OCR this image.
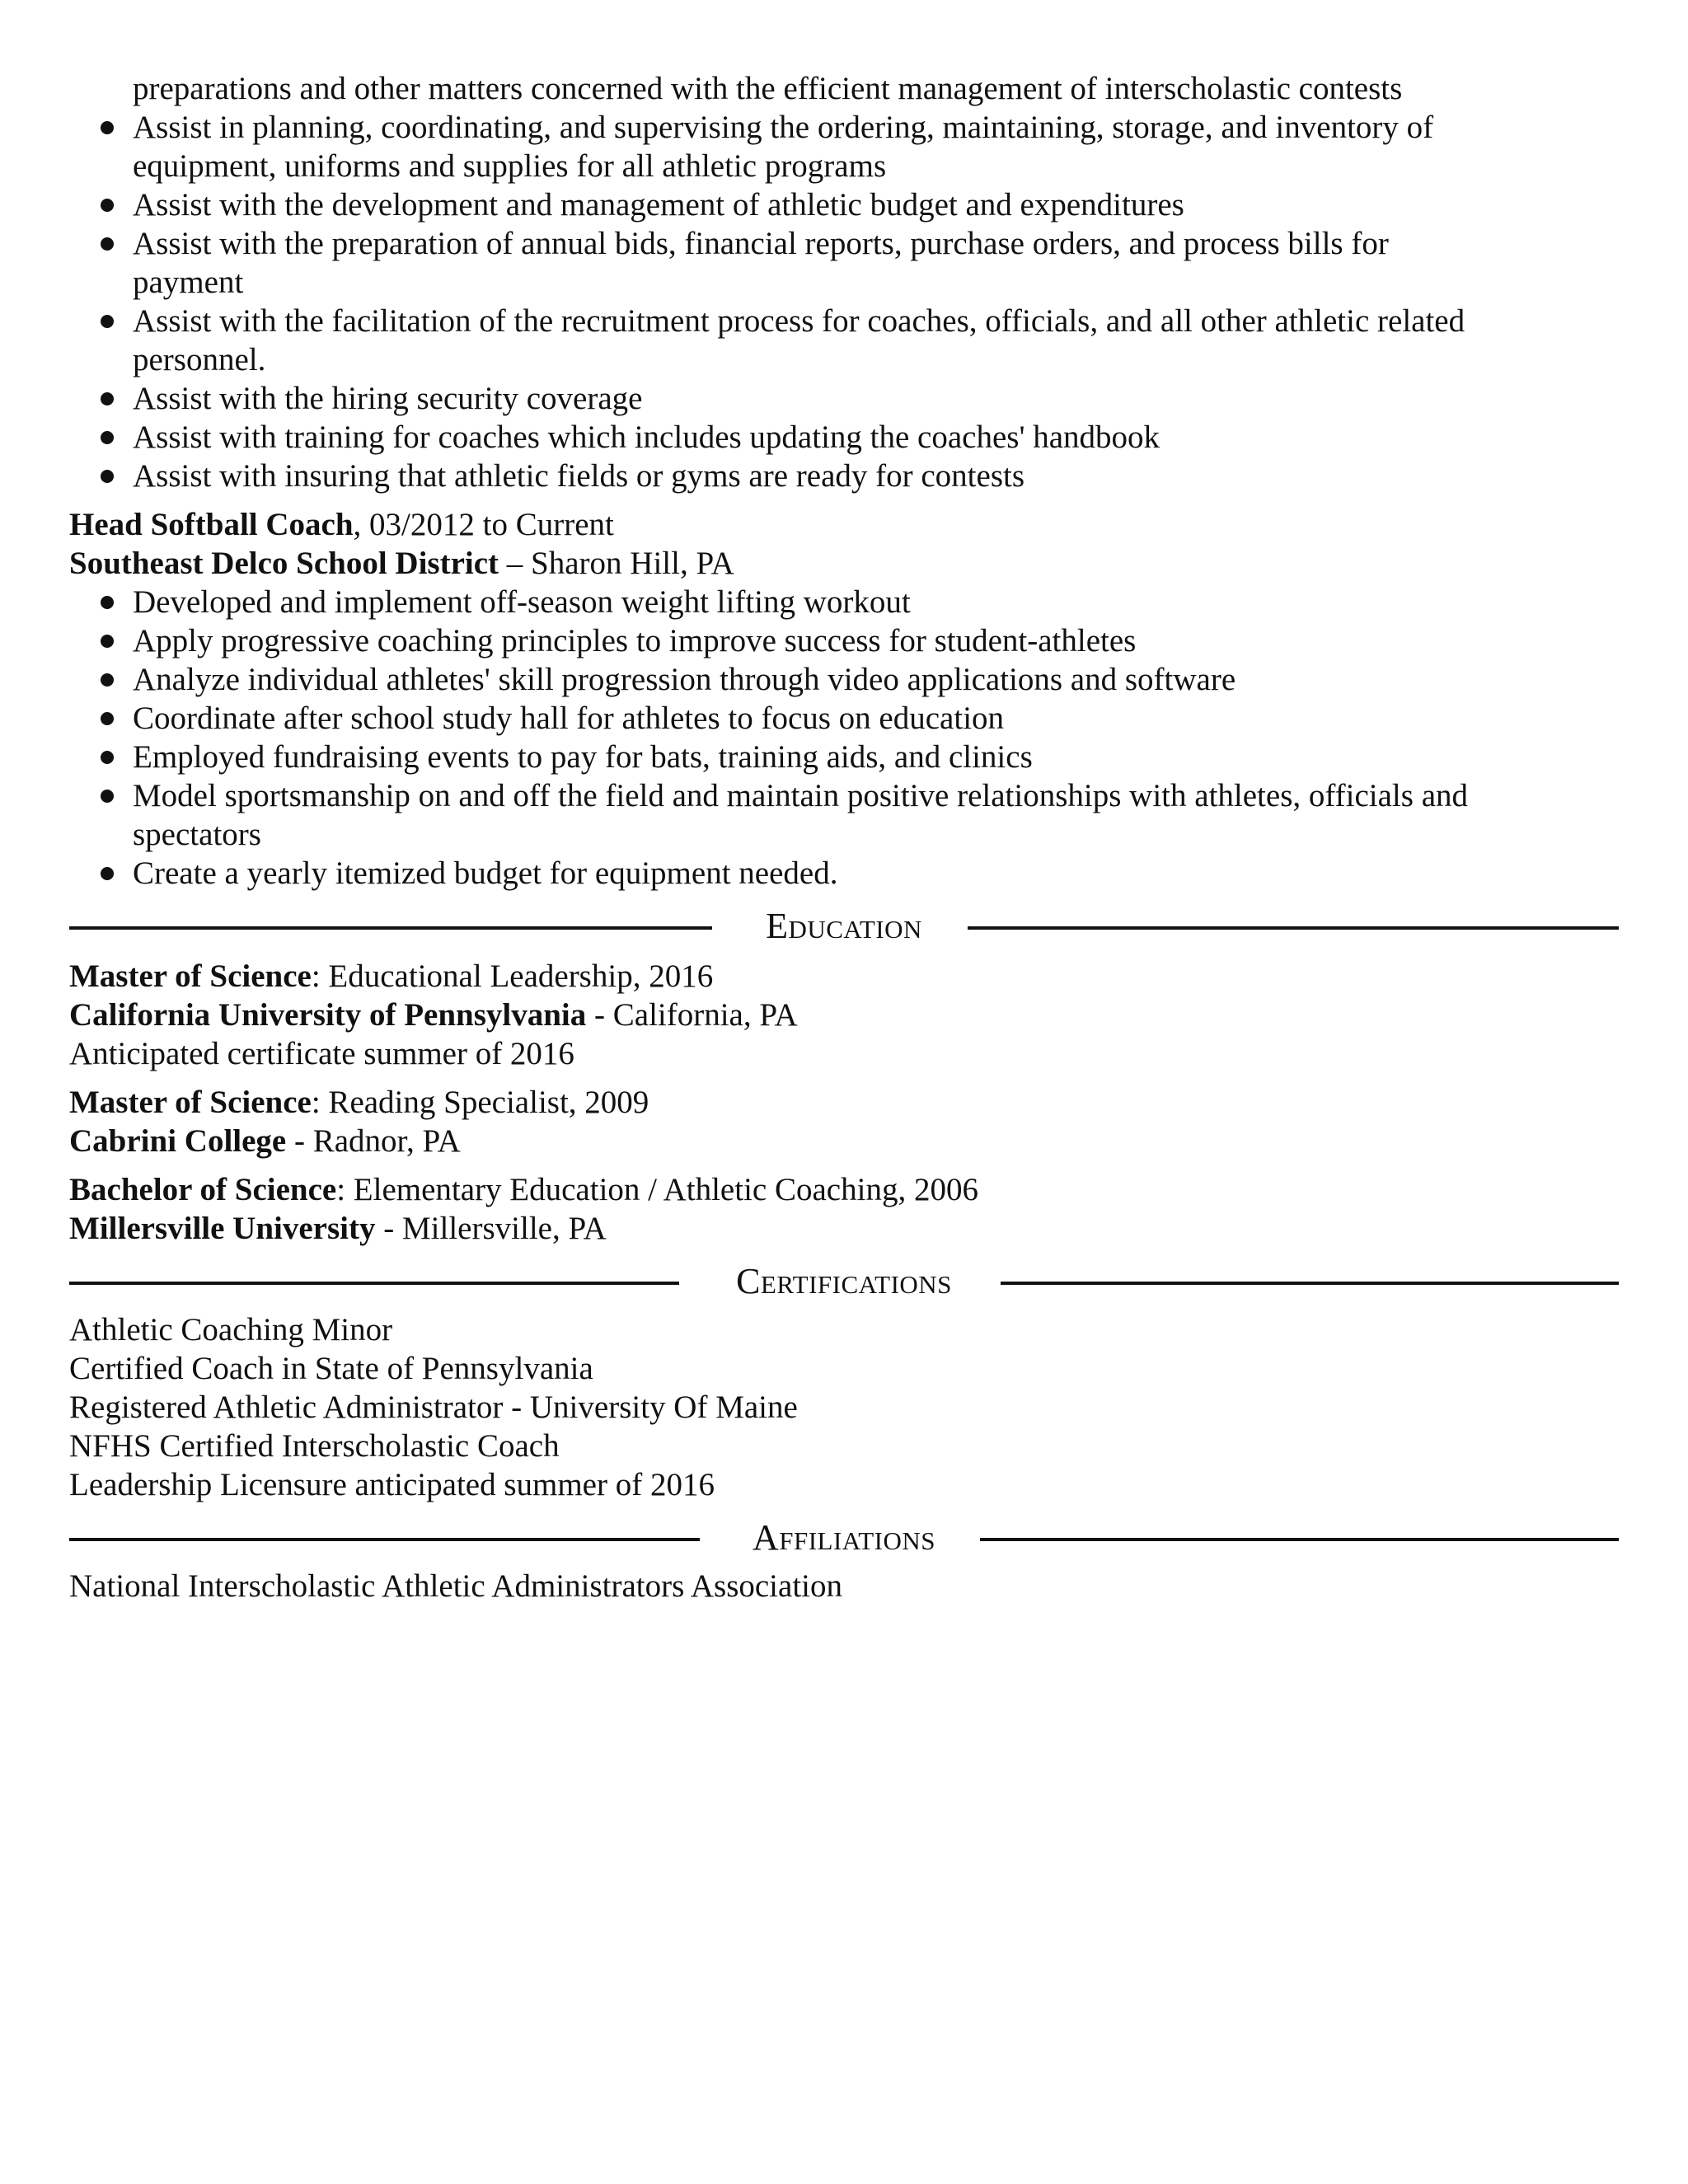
preparations and other matters concerned with the efficient management of interscholastic contests
Assist in planning, coordinating, and supervising the ordering, maintaining, storage, and inventory of
equipment, uniforms and supplies for all athletic programs
Assist with the development and management of athletic budget and expenditures
Assist with the preparation of annual bids, financial reports, purchase orders, and process bills for
payment
Assist with the facilitation of the recruitment process for coaches, officials, and all other athletic related
personnel.
Assist with the hiring security coverage
Assist with training for coaches which includes updating the coaches' handbook
Assist with insuring that athletic fields or gyms are ready for contests
Head Softball Coach, 03/2012 to Current
Southeast Delco School District – Sharon Hill, PA
Developed and implement off-season weight lifting workout
Apply progressive coaching principles to improve success for student-athletes
Analyze individual athletes' skill progression through video applications and software
Coordinate after school study hall for athletes to focus on education
Employed fundraising events to pay for bats, training aids, and clinics
Model sportsmanship on and off the field and maintain positive relationships with athletes, officials and
spectators
Create a yearly itemized budget for equipment needed.
Education
Master of Science: Educational Leadership, 2016
California University of Pennsylvania - California, PA
Anticipated certificate summer of 2016
Master of Science: Reading Specialist, 2009
Cabrini College - Radnor, PA
Bachelor of Science: Elementary Education / Athletic Coaching, 2006
Millersville University - Millersville, PA
Certifications
Athletic Coaching Minor
Certified Coach in State of Pennsylvania
Registered Athletic Administrator - University Of Maine
NFHS Certified Interscholastic Coach
Leadership Licensure anticipated summer of 2016
Affiliations
National Interscholastic Athletic Administrators Association
